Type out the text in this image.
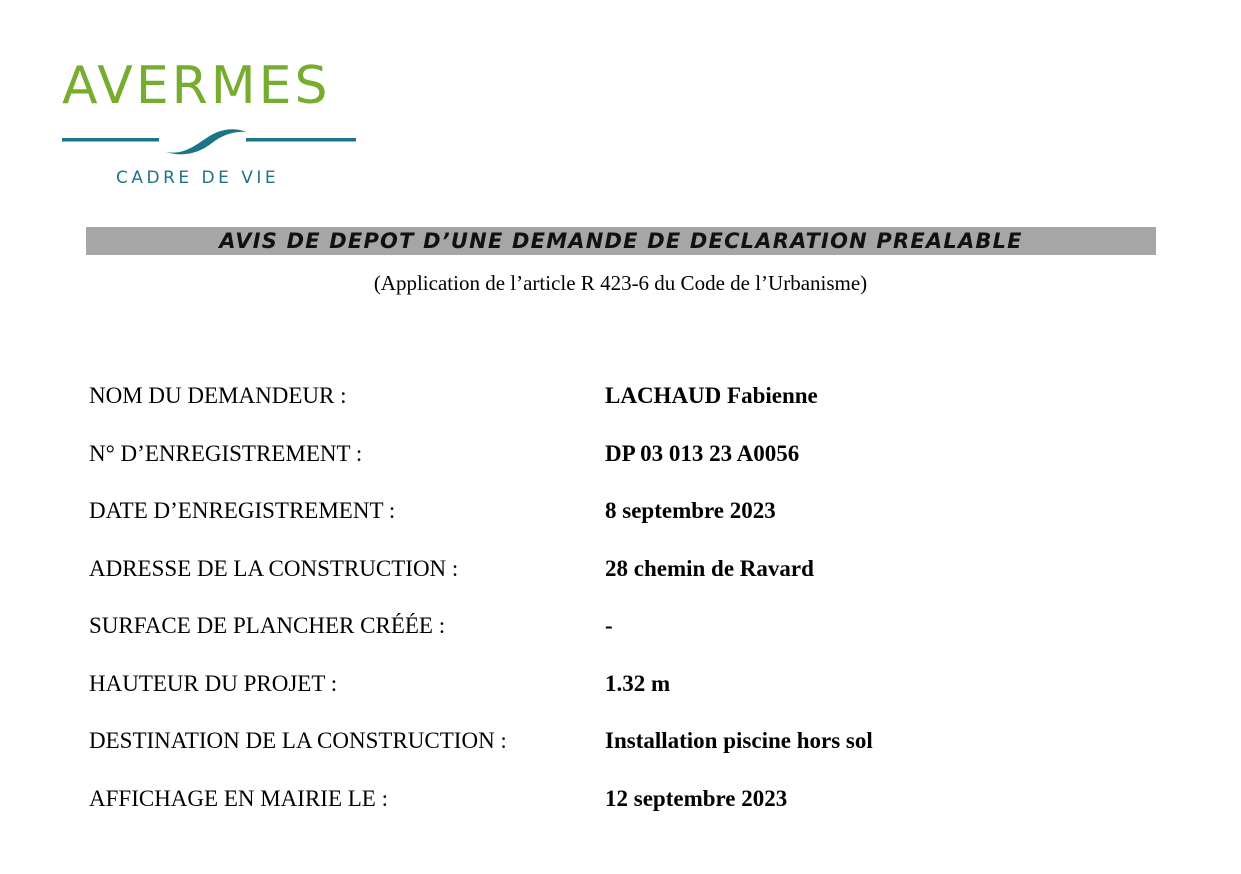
AVERMES
CADRE DE VIE
AVIS DE DEPOT D’UNE DEMANDE DE DECLARATION PREALABLE
(Application de l’article R 423-6 du Code de l’Urbanisme)
NOM DU DEMANDEUR :	LACHAUD Fabienne
N° D’ENREGISTREMENT :	DP 03 013 23 A0056
DATE D’ENREGISTREMENT :	8 septembre 2023
ADRESSE DE LA CONSTRUCTION :	28 chemin de Ravard
SURFACE DE PLANCHER CRÉÉE :	-
HAUTEUR DU PROJET :	1.32 m
DESTINATION DE LA CONSTRUCTION :	Installation piscine hors sol
AFFICHAGE EN MAIRIE LE :	12 septembre 2023
